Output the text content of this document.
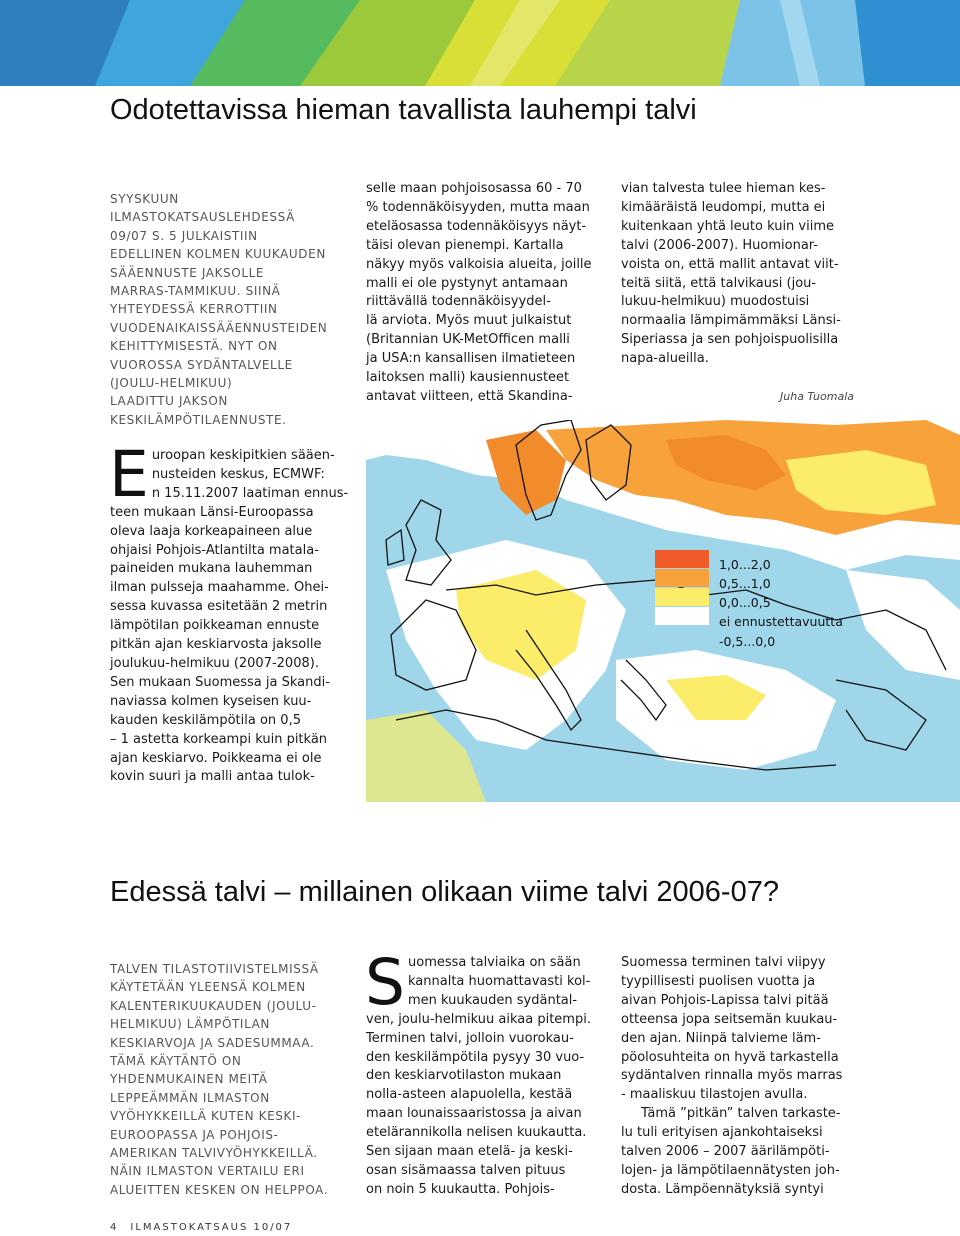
Odotettavissa hieman tavallista lauhempi talvi
SYYSKUUN
ILMASTOKATSAUSLEHDESSÄ
09/07 S. 5 JULKAISTIIN
EDELLINEN KOLMEN KUUKAUDEN
SÄÄENNUSTE JAKSOLLE
MARRAS-TAMMIKUU. SIINÄ
YHTEYDESSÄ KERROTTIIN
VUODENAIKAISSÄÄENNUSTEIDEN
KEHITTYMISESTÄ. NYT ON
VUOROSSA SYDÄNTALVELLE
(JOULU-HELMIKUU)
LAADITTU JAKSON
KESKILÄMPÖTILAENNUSTE.
E uroopan keskipitkien sääen-
nusteiden keskus, ECMWF:
n 15.11.2007 laatiman ennus-
teen mukaan Länsi-Euroopassa
oleva laaja korkeapaineen alue
ohjaisi Pohjois-Atlantilta matala-
paineiden mukana lauhemman
ilman pulsseja maahamme. Ohei-
sessa kuvassa esitetään 2 metrin
lämpötilan poikkeaman ennuste
pitkän ajan keskiarvosta jaksolle
joulukuu-helmikuu (2007-2008).
Sen mukaan Suomessa ja Skandi-
naviassa kolmen kyseisen kuu-
kauden keskilämpötila on 0,5
– 1 astetta korkeampi kuin pitkän
ajan keskiarvo. Poikkeama ei ole
kovin suuri ja malli antaa tulok-
selle maan pohjoisosassa 60 - 70
% todennäköisyyden, mutta maan
eteläosassa todennäköisyys näyt-
täisi olevan pienempi. Kartalla
näkyy myös valkoisia alueita, joille
malli ei ole pystynyt antamaan
riittävällä todennäköisyydel-
lä arviota. Myös muut julkaistut
(Britannian UK-MetOfficen malli
ja USA:n kansallisen ilmatieteen
laitoksen malli) kausiennusteet
antavat viitteen, että Skandina-
vian talvesta tulee hieman kes-
kimääräistä leudompi, mutta ei
kuitenkaan yhtä leuto kuin viime
talvi (2006-2007). Huomionar-
voista on, että mallit antavat viit-
teitä siitä, että talvikausi (jou-
lukuu-helmikuu) muodostuisi
normaalia lämpimämmäksi Länsi-
Siperiassa ja sen pohjoispuolisilla
napa-alueilla.
Juha Tuomala
1,0...2,0
0,5...1,0
0,0...0,5
ei ennustettavuutta
-0,5...0,0
Edessä talvi – millainen olikaan viime talvi 2006-07?
TALVEN TILASTOTIIVISTELMISSÄ
KÄYTETÄÄN YLEENSÄ KOLMEN
KALENTERIKUUKAUDEN (JOULU-
HELMIKUU) LÄMPÖTILAN
KESKIARVOJA JA SADESUMMAA.
TÄMÄ KÄYTÄNTÖ ON
YHDENMUKAINEN MEITÄ
LEPPEÄMMÄN ILMASTON
VYÖHYKKEILLÄ KUTEN KESKI-
EUROOPASSA JA POHJOIS-
AMERIKAN TALVIVYÖHYKKEILLÄ.
NÄIN ILMASTON VERTAILU ERI
ALUEITTEN KESKEN ON HELPPOA.
S uomessa talviaika on sään
kannalta huomattavasti kol-
men kuukauden sydäntal-
ven, joulu-helmikuu aikaa pitempi.
Terminen talvi, jolloin vuorokau-
den keskilämpötila pysyy 30 vuo-
den keskiarvotilaston mukaan
nolla-asteen alapuolella, kestää
maan lounaissaaristossa ja aivan
etelärannikolla nelisen kuukautta.
Sen sijaan maan etelä- ja keski-
osan sisämaassa talven pituus
on noin 5 kuukautta. Pohjois-
Suomessa terminen talvi viipyy
tyypillisesti puolisen vuotta ja
aivan Pohjois-Lapissa talvi pitää
otteensa jopa seitsemän kuukau-
den ajan. Niinpä talvieme läm-
pöolosuhteita on hyvä tarkastella
sydäntalven rinnalla myös marras
- maaliskuu tilastojen avulla.
Tämä ”pitkän” talven tarkaste-
lu tuli erityisen ajankohtaiseksi
talven 2006 – 2007 äärilämpöti-
lojen- ja lämpötilaennätysten joh-
dosta. Lämpöennätyksiä syntyi
4 ILMASTOKATSAUS 10/07
